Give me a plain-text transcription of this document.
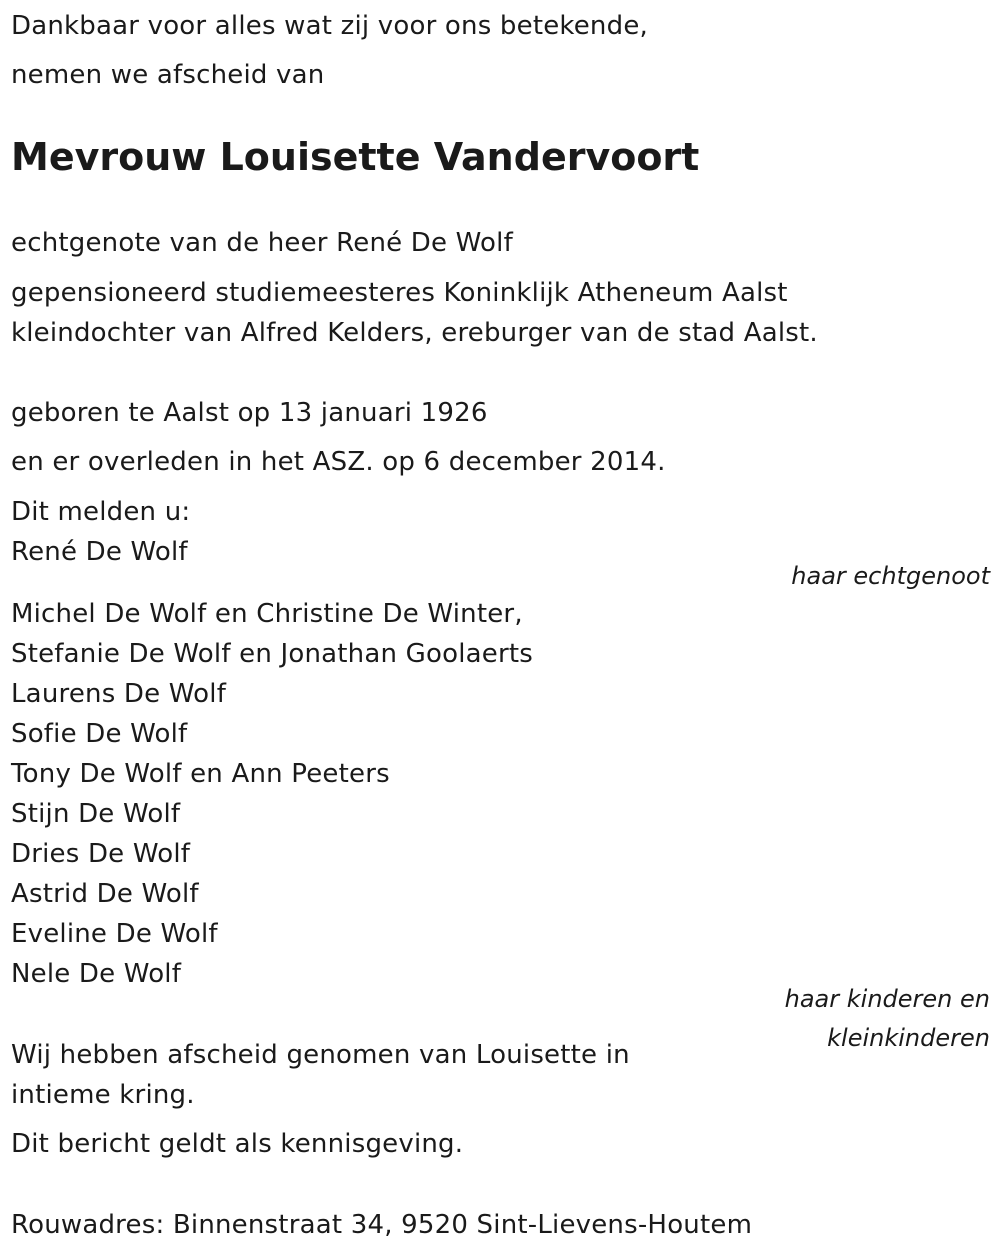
Dankbaar voor alles wat zij voor ons betekende,
nemen we afscheid van
Mevrouw Louisette Vandervoort
echtgenote van de heer René De Wolf
gepensioneerd studiemeesteres Koninklijk Atheneum Aalst
kleindochter van Alfred Kelders, ereburger van de stad Aalst.
geboren te Aalst op 13 januari 1926
en er overleden in het ASZ. op 6 december 2014.
Dit melden u:
René De Wolf
haar echtgenoot
Michel De Wolf en Christine De Winter,
Stefanie De Wolf en Jonathan Goolaerts
Laurens De Wolf
Sofie De Wolf
Tony De Wolf en Ann Peeters
Stijn De Wolf
Dries De Wolf
Astrid De Wolf
Eveline De Wolf
Nele De Wolf
haar kinderen en
kleinkinderen
Wij hebben afscheid genomen van Louisette in
intieme kring.
Dit bericht geldt als kennisgeving.
Rouwadres: Binnenstraat 34, 9520 Sint-Lievens-Houtem
